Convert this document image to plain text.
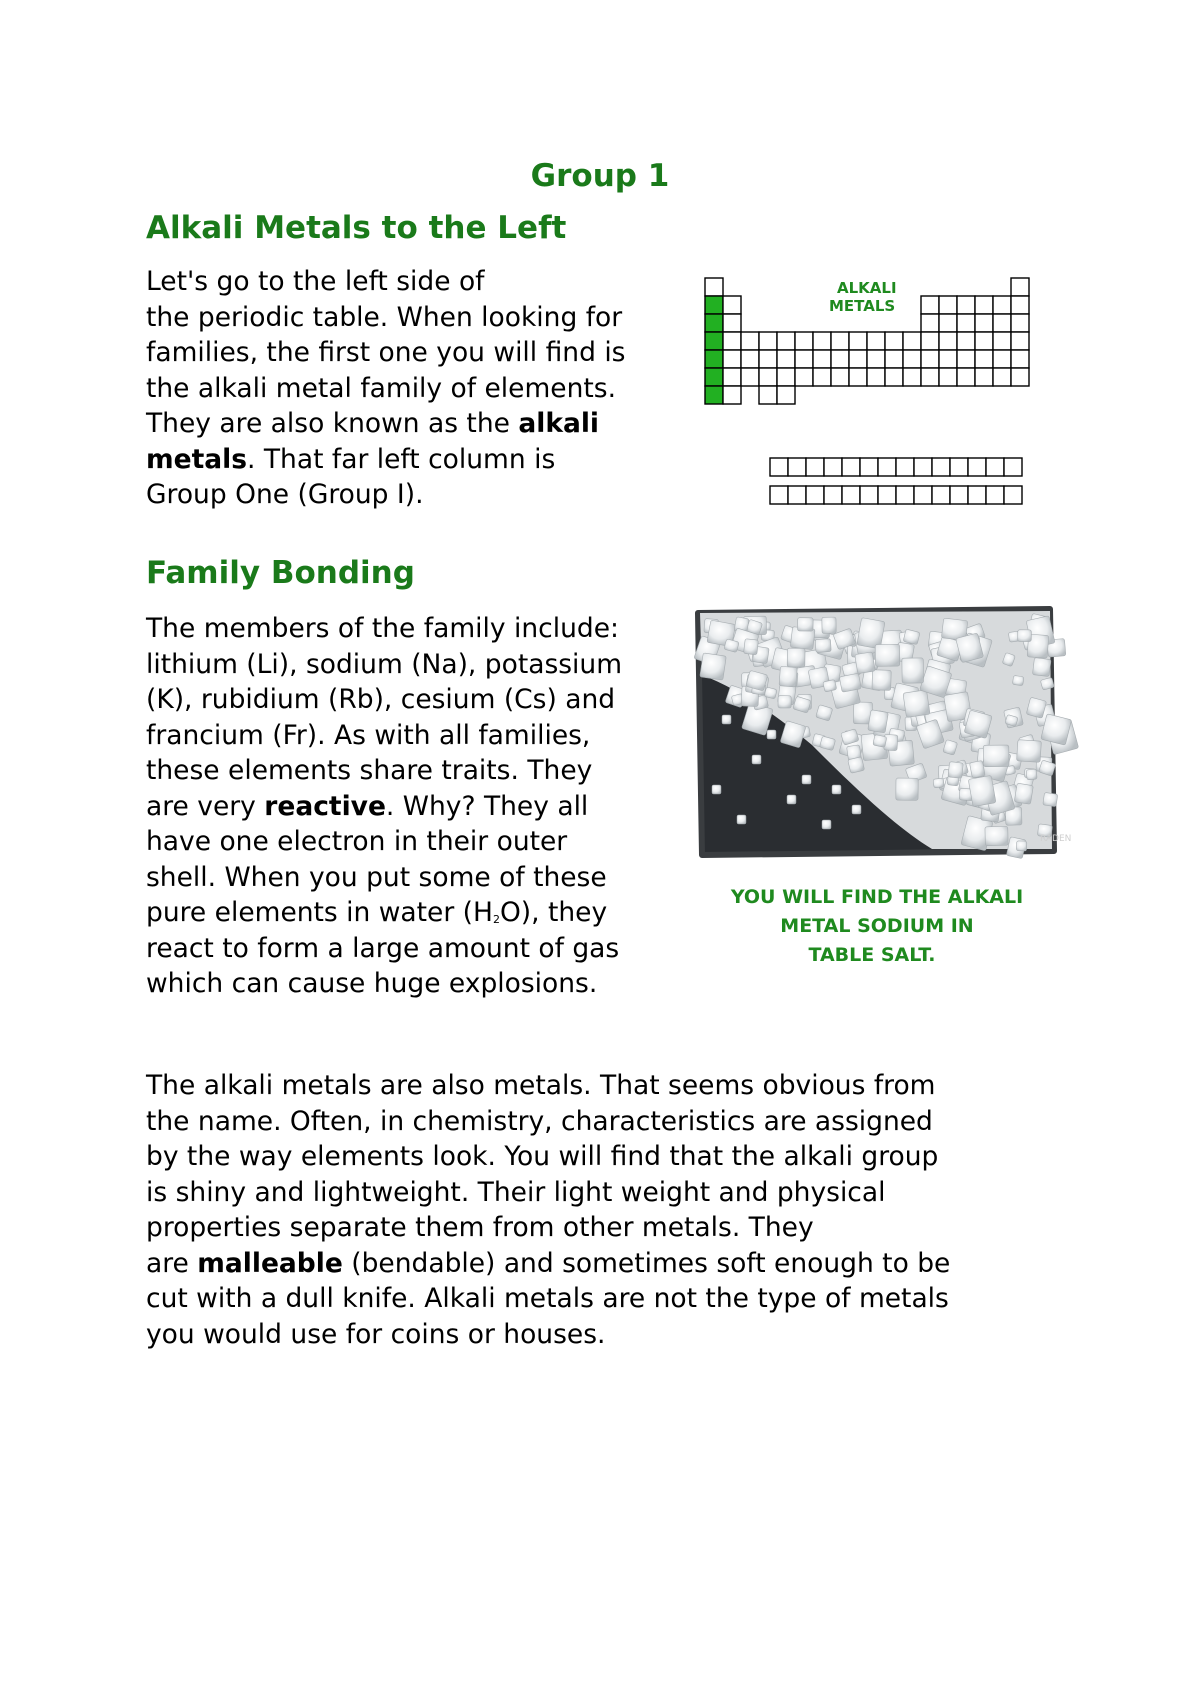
Group 1
Alkali Metals to the Left
Let's go to the left side of
the periodic table. When looking for
families, the first one you will find is
the alkali metal family of elements.
They are also known as the alkali
metals. That far left column is
Group One (Group I).
ALKALI
METALS
Family Bonding
The members of the family include:
lithium (Li), sodium (Na), potassium
(K), rubidium (Rb), cesium (Cs) and
francium (Fr). As with all families,
these elements share traits. They
are very reactive. Why? They all
have one electron in their outer
shell. When you put some of these
pure elements in water $(H_2O)$, they
react to form a large amount of gas
which can cause huge explosions.
RADEN
YOU WILL FIND THE ALKALI
METAL SODIUM IN
TABLE SALT.
The alkali metals are also metals. That seems obvious from
the name. Often, in chemistry, characteristics are assigned
by the way elements look. You will find that the alkali group
is shiny and lightweight. Their light weight and physical
properties separate them from other metals. They
are malleable (bendable) and sometimes soft enough to be
cut with a dull knife. Alkali metals are not the type of metals
you would use for coins or houses.
